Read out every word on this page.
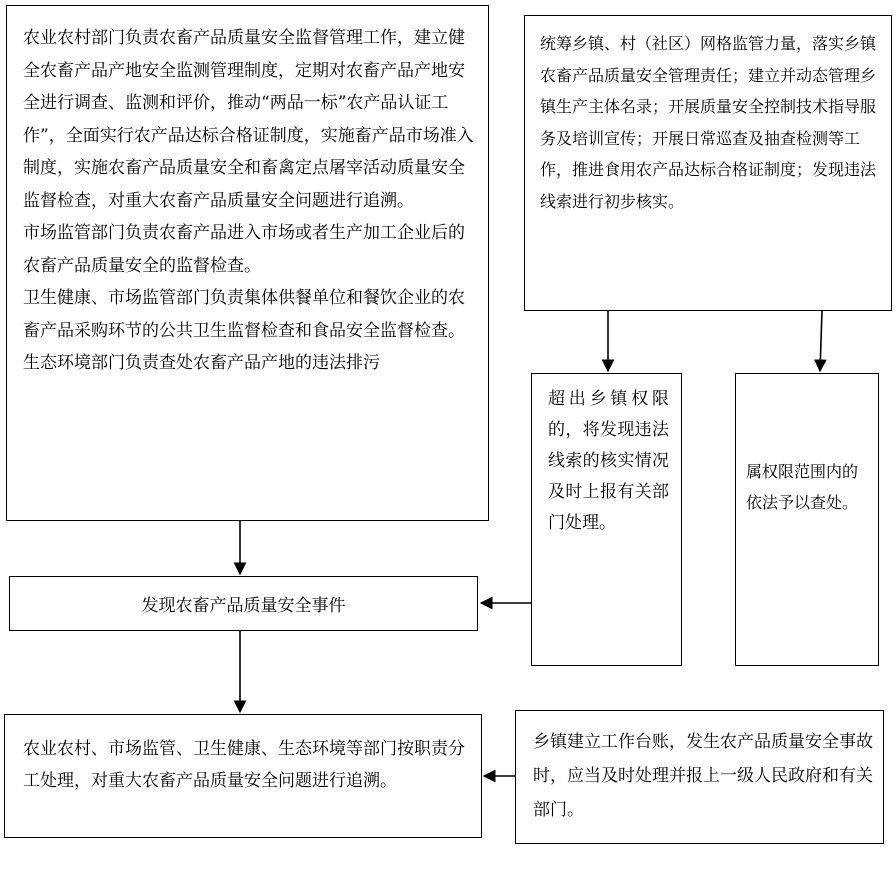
农业农村部门负责农畜产品质量安全监督管理工作，建立健全农畜产品产地安全监测管理制度，定期对农畜产品产地安全进行调查、监测和评价，推动“两品一标”农产品认证工作”，全面实行农产品达标合格证制度，实施畜产品市场准入制度，实施农畜产品质量安全和畜禽定点屠宰活动质量安全监督检查，对重大农畜产品质量安全问题进行追溯。

市场监管部门负责农畜产品进入市场或者生产加工企业后的农畜产品质量安全的监督检查。

卫生健康、市场监管部门负责集体供餐单位和餐饮企业的农畜产品采购环节的公共卫生监督检查和食品安全监督检查。

生态环境部门负责查处农畜产品产地的违法排污

统筹乡镇、村（社区）网格监管力量，落实乡镇农畜产品质量安全管理责任；建立并动态管理乡镇生产主体名录；开展质量安全控制技术指导服务及培训宣传；开展日常巡查及抽查检测等工作，推进食用农产品达标合格证制度；发现违法线索进行初步核实。

超出乡镇权限的，将发现违法线索的核实情况及时上报有关部门处理。

属权限范围内的依法予以查处。

发现农畜产品质量安全事件

农业农村、市场监管、卫生健康、生态环境等部门按职责分工处理，对重大农畜产品质量安全问题进行追溯。

乡镇建立工作台账，发生农产品质量安全事故时，应当及时处理并报上一级人民政府和有关部门。
